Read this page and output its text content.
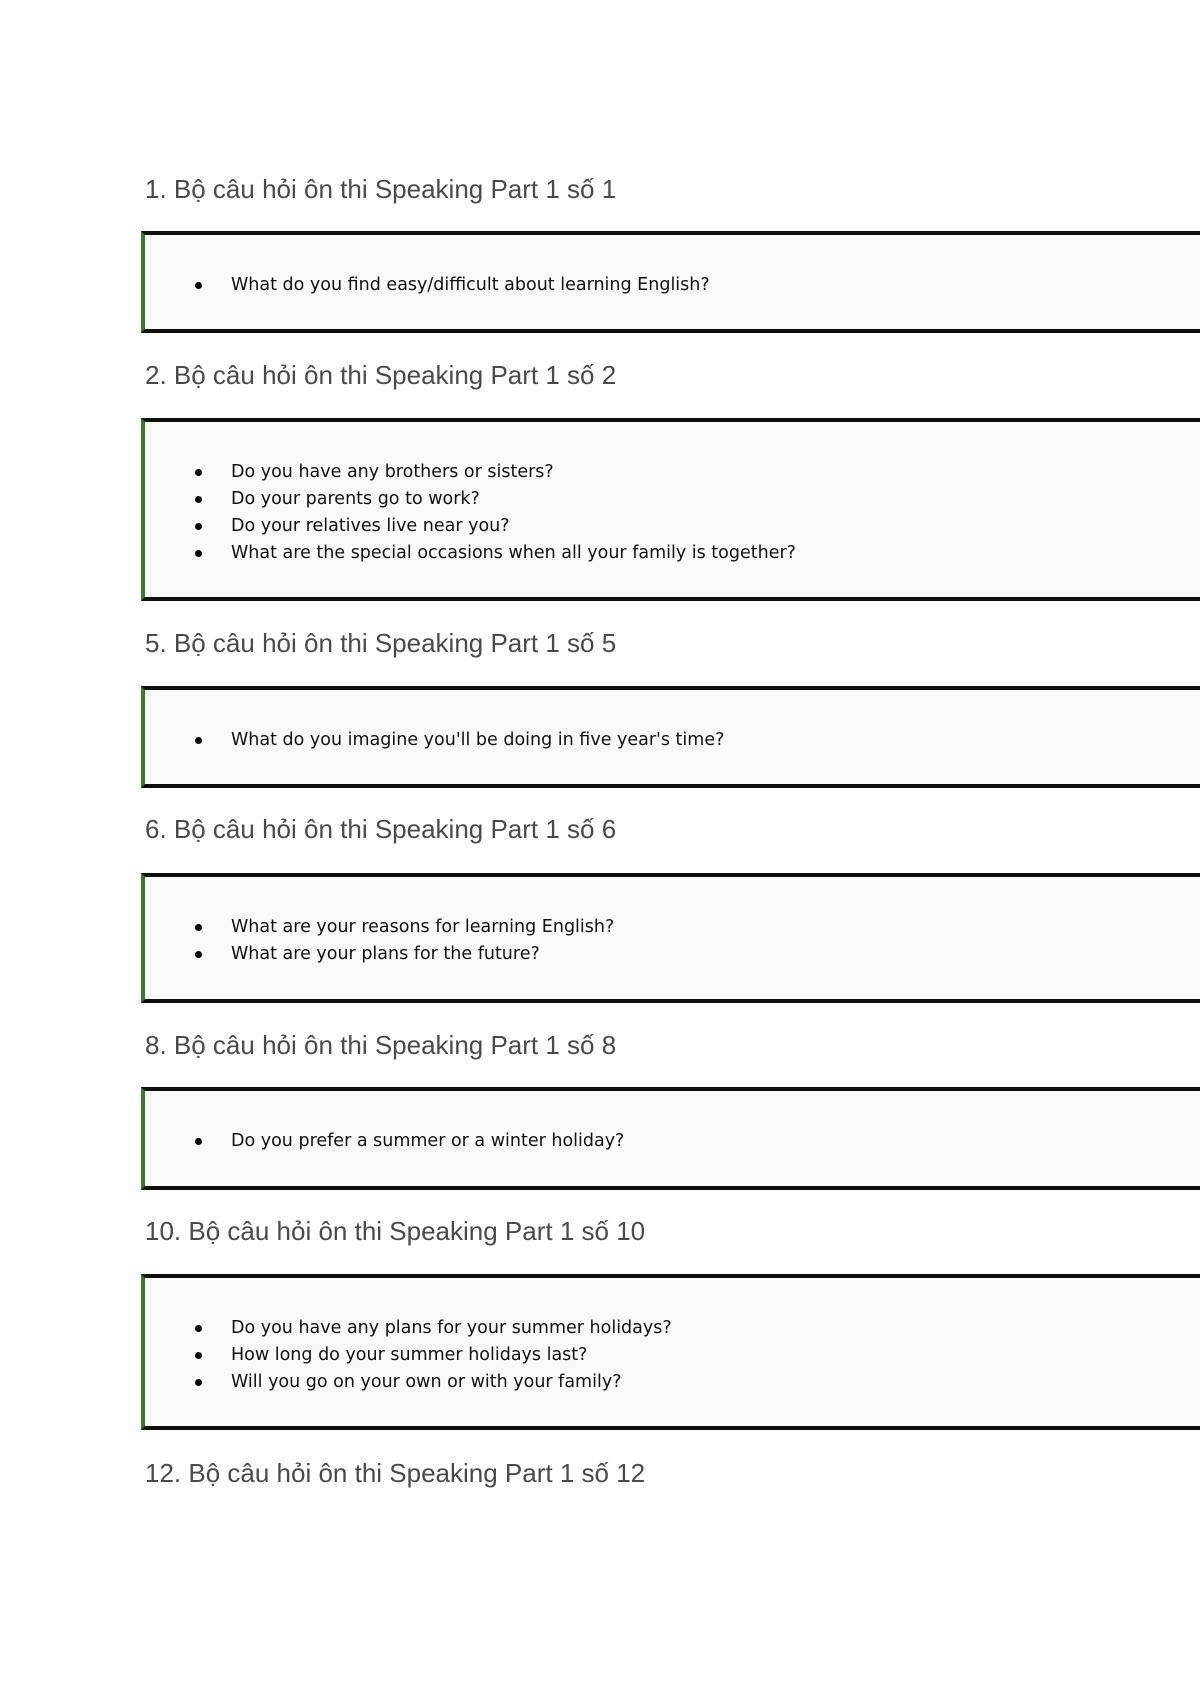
1. Bộ câu hỏi ôn thi Speaking Part 1 số 1
What do you find easy/difficult about learning English?
2. Bộ câu hỏi ôn thi Speaking Part 1 số 2
Do you have any brothers or sisters?
Do your parents go to work?
Do your relatives live near you?
What are the special occasions when all your family is together?
5. Bộ câu hỏi ôn thi Speaking Part 1 số 5
What do you imagine you'll be doing in five year's time?
6. Bộ câu hỏi ôn thi Speaking Part 1 số 6
What are your reasons for learning English?
What are your plans for the future?
8. Bộ câu hỏi ôn thi Speaking Part 1 số 8
Do you prefer a summer or a winter holiday?
10. Bộ câu hỏi ôn thi Speaking Part 1 số 10
Do you have any plans for your summer holidays?
How long do your summer holidays last?
Will you go on your own or with your family?
12. Bộ câu hỏi ôn thi Speaking Part 1 số 12
